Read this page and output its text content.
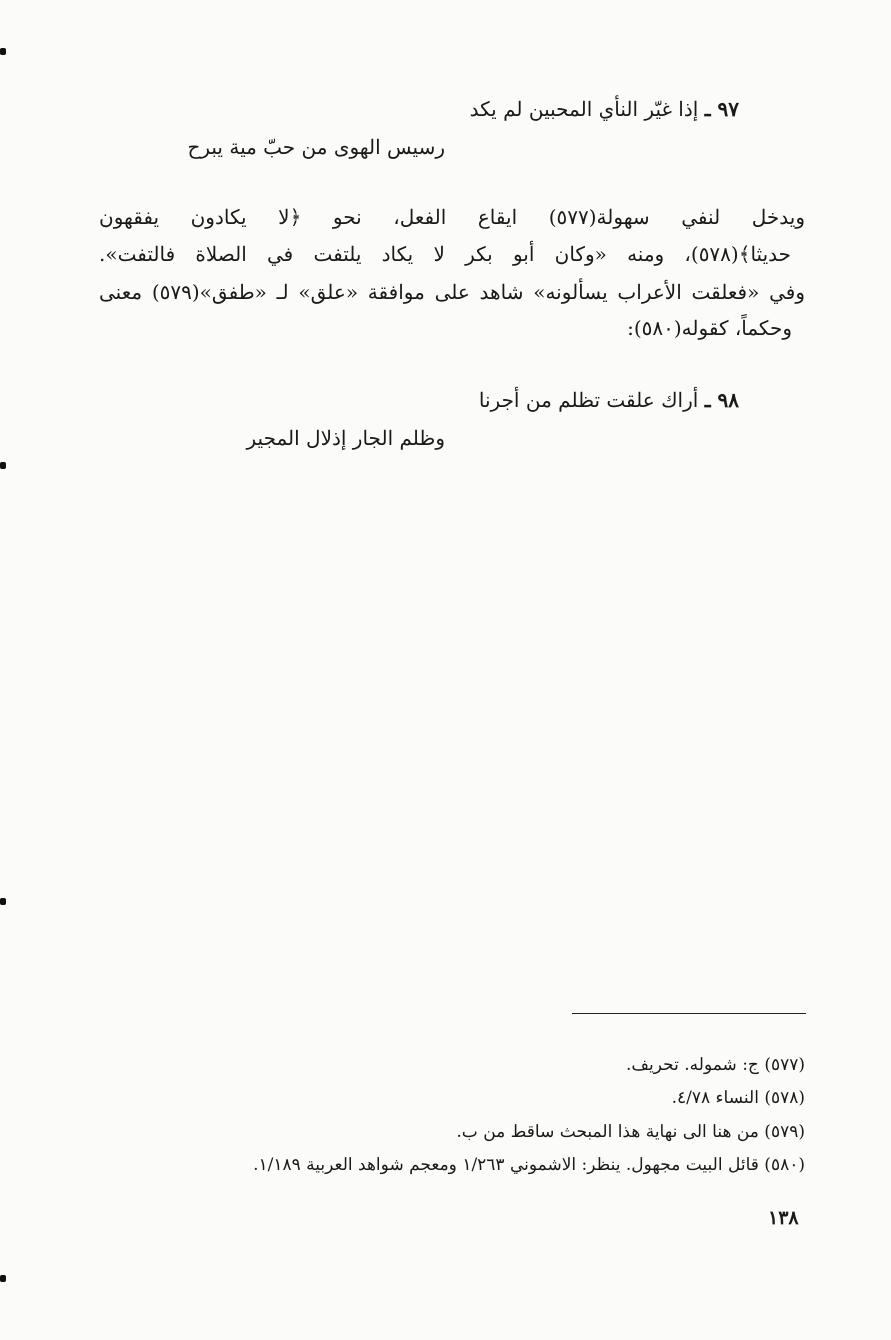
٩٧ ـ إذا غيّر النأي المحبين لم يكد
رسيس الهوى من حبّ مية يبرح
ويدخل لنفي سهولة(٥٧٧) ايقاع الفعل، نحو ﴿لا يكادون يفقهون
حديثا﴾(٥٧٨)، ومنه «وكان أبو بكر لا يكاد يلتفت في الصلاة فالتفت».
وفي «فعلقت الأعراب يسألونه» شاهد على موافقة «علق» لـ «طفق»(٥٧٩) معنى
وحكماً، كقوله(٥٨٠):
٩٨ ـ أراك علقت تظلم من أجرنا
وظلم الجار إذلال المجير
(٥٧٧) ج: شموله. تحريف.
(٥٧٨) النساء ٤/٧٨.
(٥٧٩) من هنا الى نهاية هذا المبحث ساقط من ب.
(٥٨٠) قائل البيت مجهول. ينظر: الاشموني ١/٢٦٣ ومعجم شواهد العربية ١/١٨٩.
١٣٨
